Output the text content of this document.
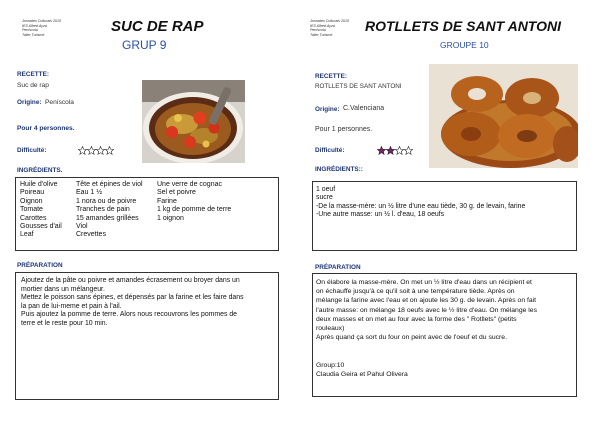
Jornades Culturals 2015
IES Alfred Ayza
Peníscola
Taller Turisme	SUC DE RAP
GRUP 9
RECETTE:
Suc de rap
Origine: Peníscola
Pour 4 personnes.
Difficulté:
INGRÉDIENTS.
Huile d'olive
Poireau
Oignon
Tomate
Carottes
Gousses d'ail
Leaf
Tête et épines de viol
Eau 1 ½
1 nora ou de poivre
Tranches de pain
15 amandes grillées
Viol
Crevettes
Une verre de cognac
Sel et poivre
Farine
1 kg de pomme de terre
1 oignon
PRÉPARATION

Ajoutez de la pâte ou poivre et amandes écrasement ou broyer dans un

mortier dans un mélangeur.

Mettez le poisson sans épines, et dépensés par la farine et les faire dans

la pan de lui-meme et pain à l'ail.

Puis ajoutez la pomme de terre. Alors nous recouvrons les pommes de

terre et le reste pour 10 min.

Jornades Culturals 2015
IES Alfred Ayza
Peníscola
Taller Turisme
ROTLLETS DE SANT ANTONI
GROUPE 10
RECETTE:
ROTLLETS DE SANT ANTONI
Origine: C.Valenciana
Pour 1 personnes.
Difficulté:
INGRÉDIENTS::
1 oeuf
sucre
-De la masse-mère: un ½ litre d'une eau tiède, 30 g. de levain, farine
-Une autre masse: un ½ l. d'eau, 18 oeufs
PRÉPARATION

On élabore la masse-mère. On met un ½ litre d'eau dans un récipient et

on échauffe jusqu'à ce qu'il soit à une température tiède. Après on

mélange la farine avec l'eau et on ajoute les 30 g. de levain. Après on fait

l'autre masse: on mélange 18 oeufs avec le ½ litre d'eau. On mélange les

deux masses et on met au four avec la forme des " Rotllets" (petits

rouleaux)

Après quand ça sort du four on peint avec de l'oeuf et du sucre.

Group:10

Claudia Geira et Pahul Olivera
